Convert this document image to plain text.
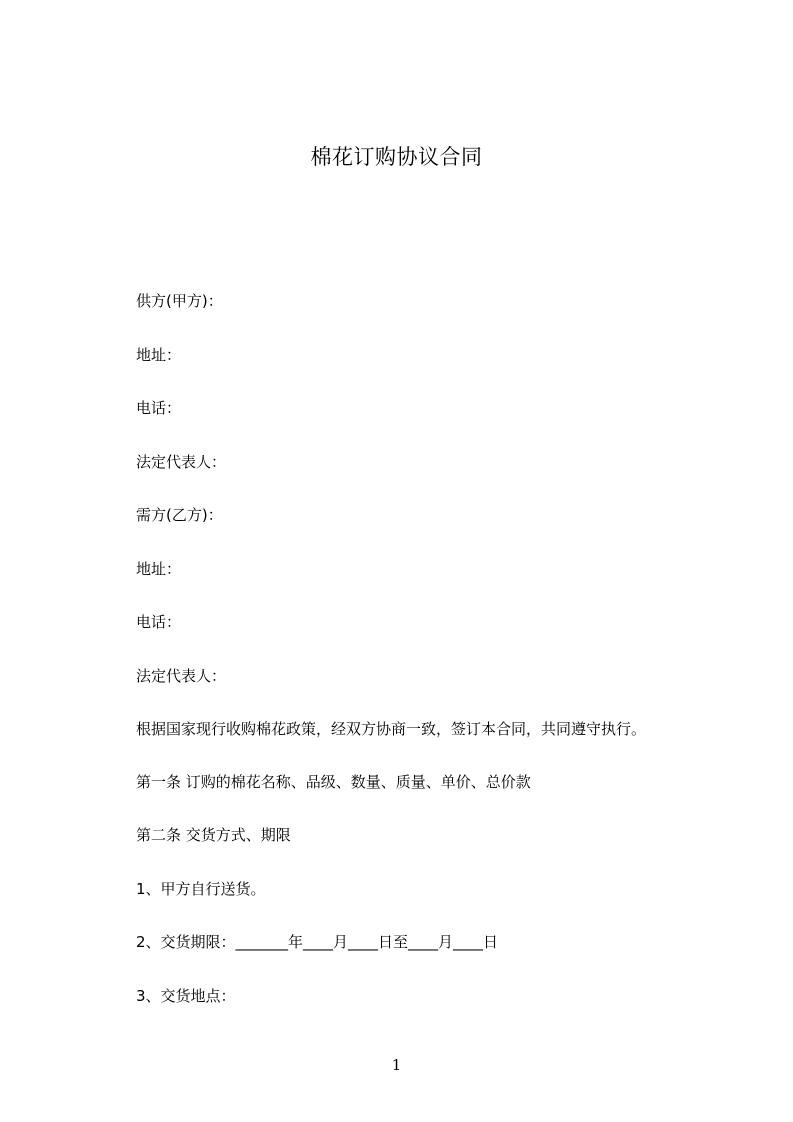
棉花订购协议合同
供方(甲方)：
地址：
电话：
法定代表人：
需方(乙方)：
地址：
电话：
法定代表人：
根据国家现行收购棉花政策，经双方协商一致，签订本合同，共同遵守执行。
第一条 订购的棉花名称、品级、数量、质量、单价、总价款
第二条 交货方式、期限
1、甲方自行送货。
2、交货期限：_______年____月____日至____月____日
3、交货地点：
1
